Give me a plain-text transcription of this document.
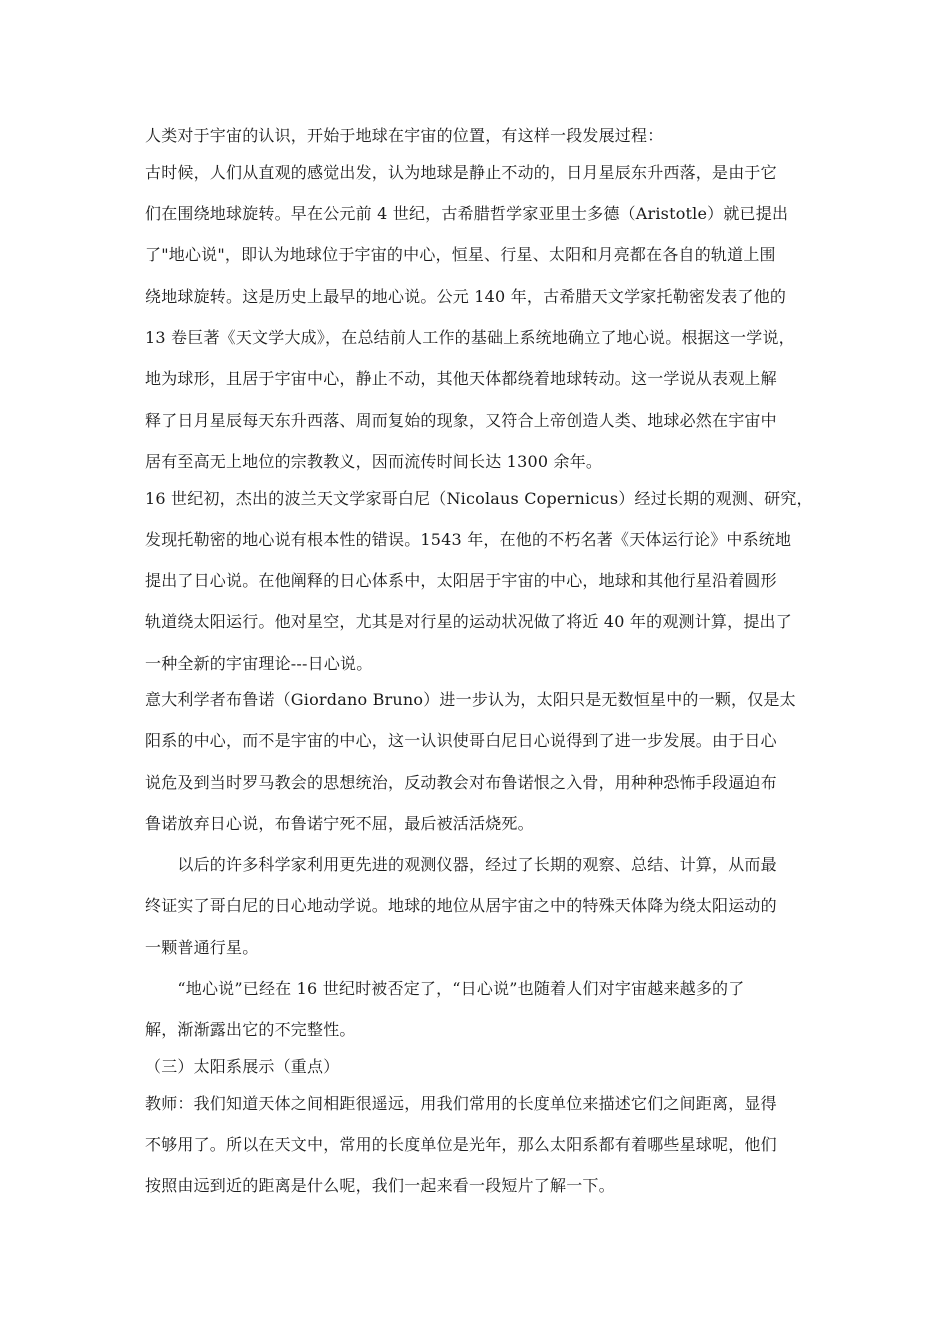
人类对于宇宙的认识，开始于地球在宇宙的位置，有这样一段发展过程：
古时候，人们从直观的感觉出发，认为地球是静止不动的，日月星辰东升西落，是由于它
们在围绕地球旋转。早在公元前 4 世纪，古希腊哲学家亚里士多德（Aristotle）就已提出
了"地心说"，即认为地球位于宇宙的中心，恒星、行星、太阳和月亮都在各自的轨道上围
绕地球旋转。这是历史上最早的地心说。公元 140 年，古希腊天文学家托勒密发表了他的
13 卷巨著《天文学大成》，在总结前人工作的基础上系统地确立了地心说。根据这一学说，
地为球形，且居于宇宙中心，静止不动，其他天体都绕着地球转动。这一学说从表观上解
释了日月星辰每天东升西落、周而复始的现象，又符合上帝创造人类、地球必然在宇宙中
居有至高无上地位的宗教教义，因而流传时间长达 1300 余年。
16 世纪初，杰出的波兰天文学家哥白尼（Nicolaus Copernicus）经过长期的观测、研究，
发现托勒密的地心说有根本性的错误。1543 年，在他的不朽名著《天体运行论》中系统地
提出了日心说。在他阐释的日心体系中，太阳居于宇宙的中心，地球和其他行星沿着圆形
轨道绕太阳运行。他对星空，尤其是对行星的运动状况做了将近 40 年的观测计算，提出了
一种全新的宇宙理论---日心说。
意大利学者布鲁诺（Giordano Bruno）进一步认为，太阳只是无数恒星中的一颗，仅是太
阳系的中心，而不是宇宙的中心，这一认识使哥白尼日心说得到了进一步发展。由于日心
说危及到当时罗马教会的思想统治，反动教会对布鲁诺恨之入骨，用种种恐怖手段逼迫布
鲁诺放弃日心说，布鲁诺宁死不屈，最后被活活烧死。
　　以后的许多科学家利用更先进的观测仪器，经过了长期的观察、总结、计算，从而最
终证实了哥白尼的日心地动学说。地球的地位从居宇宙之中的特殊天体降为绕太阳运动的
一颗普通行星。
　　“地心说”已经在 16 世纪时被否定了，“日心说”也随着人们对宇宙越来越多的了
解，渐渐露出它的不完整性。
（三）太阳系展示（重点）
教师：我们知道天体之间相距很遥远，用我们常用的长度单位来描述它们之间距离，显得
不够用了。所以在天文中，常用的长度单位是光年，那么太阳系都有着哪些星球呢，他们
按照由远到近的距离是什么呢，我们一起来看一段短片了解一下。
